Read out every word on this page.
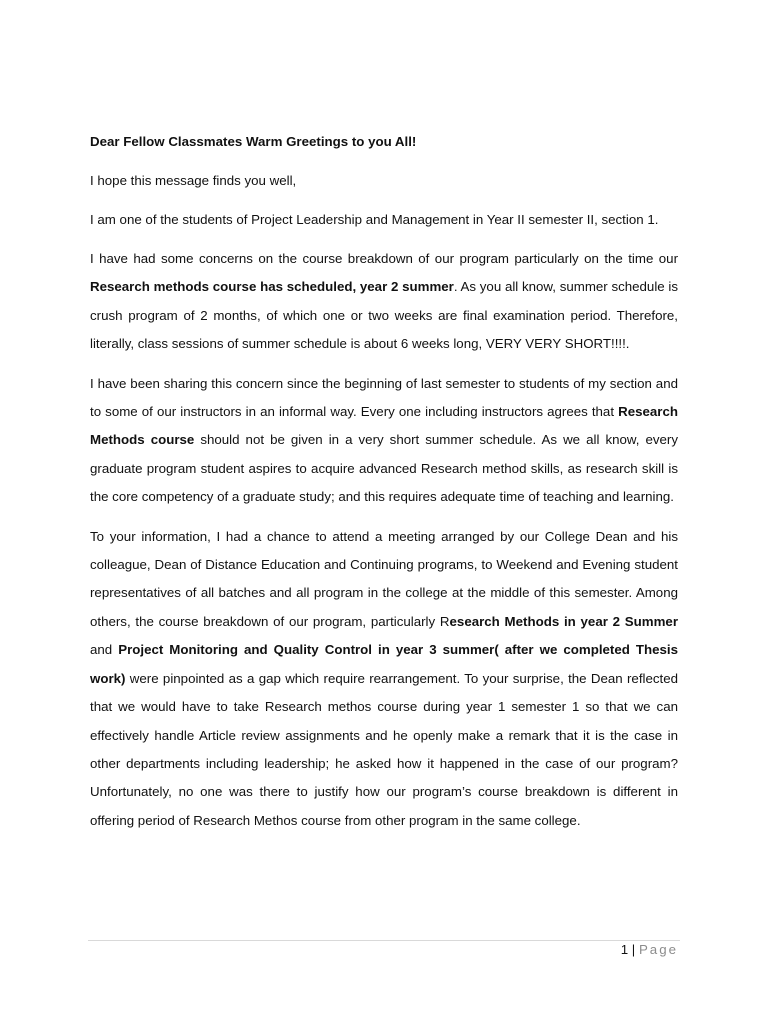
Dear Fellow Classmates Warm Greetings to you All!

I hope this message finds you well,

I am one of the students of Project Leadership and Management in Year II semester II, section 1.

I have had some concerns on the course breakdown of our program particularly on the time our Research methods course has scheduled, year 2 summer. As you all know, summer schedule is crush program of 2 months, of which one or two weeks are final examination period. Therefore, literally, class sessions of summer schedule is about 6 weeks long, VERY VERY SHORT!!!!.

I have been sharing this concern since the beginning of last semester to students of my section and to some of our instructors in an informal way. Every one including instructors agrees that Research Methods course should not be given in a very short summer schedule. As we all know, every graduate program student aspires to acquire advanced Research method skills, as research skill is the core competency of a graduate study; and this requires adequate time of teaching and learning.

To your information, I had a chance to attend a meeting arranged by our College Dean and his colleague, Dean of Distance Education and Continuing programs, to Weekend and Evening student representatives of all batches and all program in the college at the middle of this semester. Among others, the course breakdown of our program, particularly Research Methods in year 2 Summer and Project Monitoring and Quality Control in year 3 summer( after we completed Thesis work) were pinpointed as a gap which require rearrangement. To your surprise, the Dean reflected that we would have to take Research methos course during year 1 semester 1 so that we can effectively handle Article review assignments and he openly make a remark that it is the case in other departments including leadership; he asked how it happened in the case of our program? Unfortunately, no one was there to justify how our program’s course breakdown is different in offering period of Research Methos course from other program in the same college.

1 | Page
